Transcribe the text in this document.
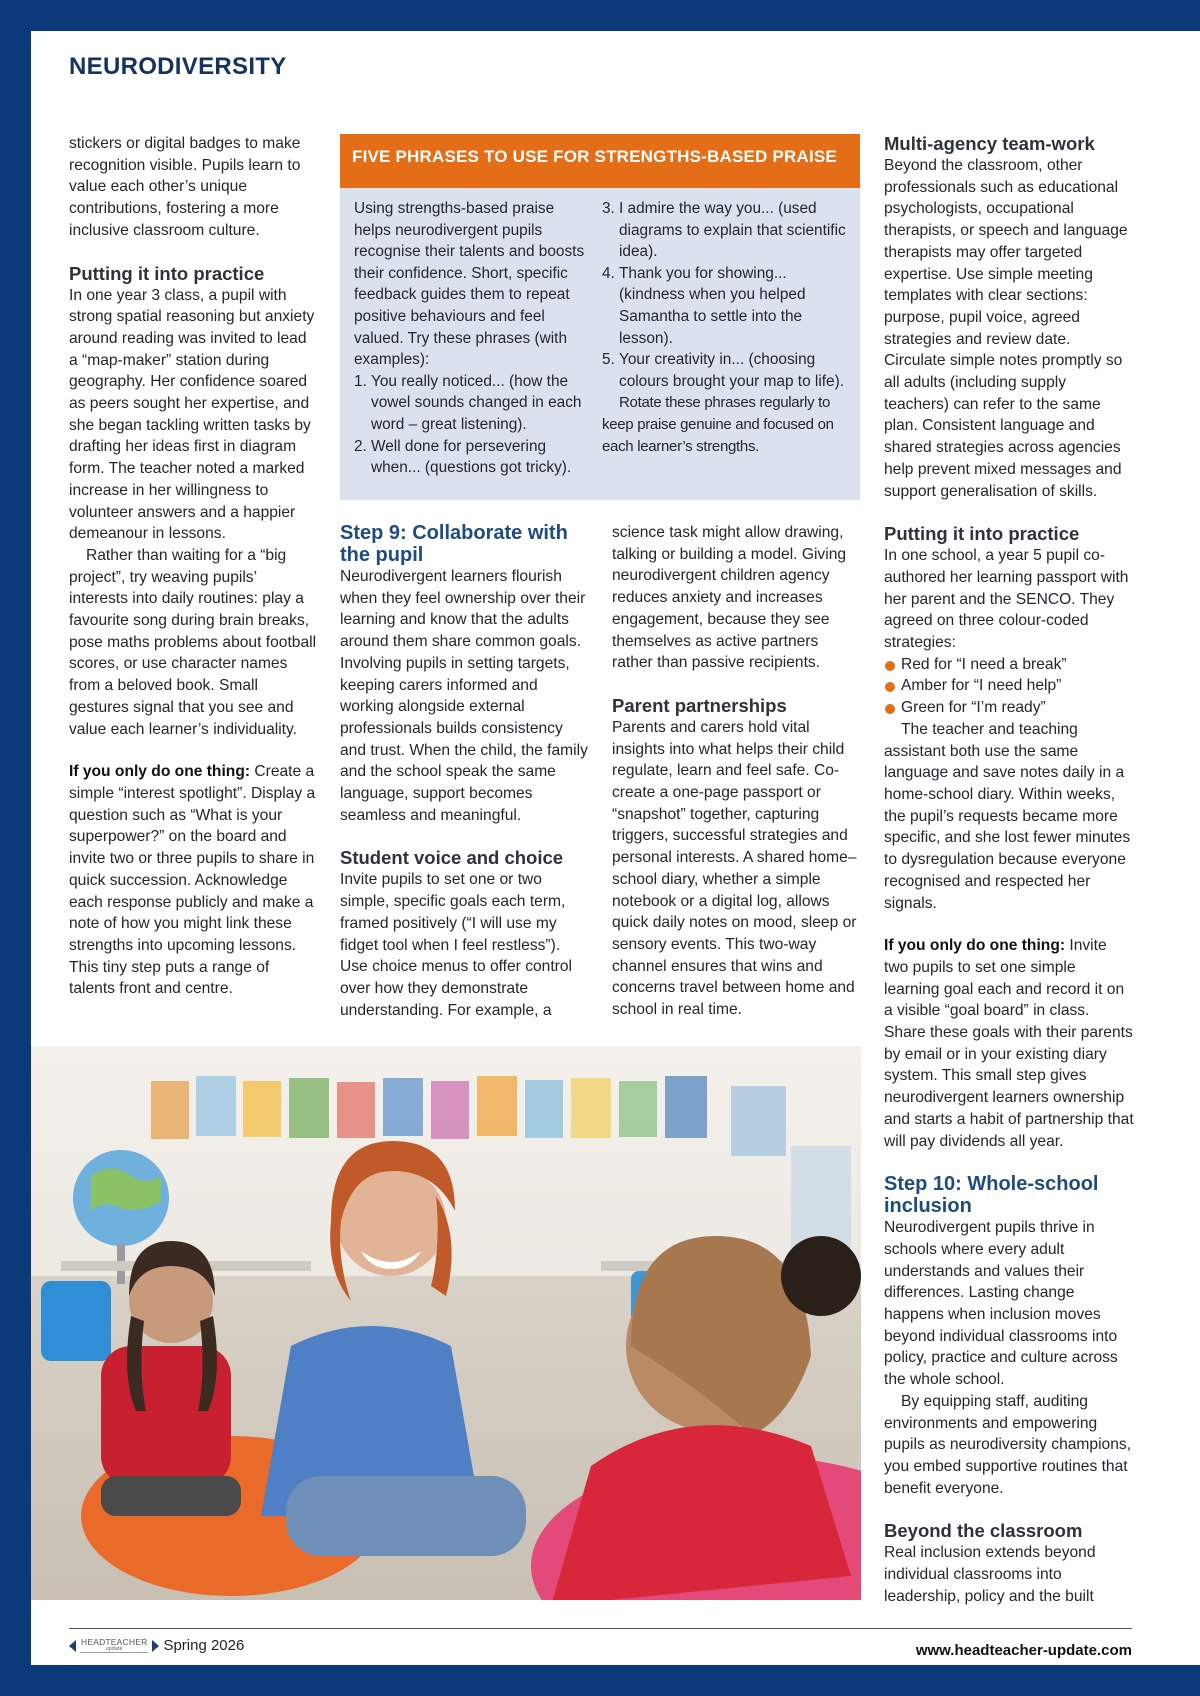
NEURODIVERSITY

stickers or digital badges to make recognition visible. Pupils learn to value each other’s unique contributions, fostering a more inclusive classroom culture.

Putting it into practice

In one year 3 class, a pupil with strong spatial reasoning but anxiety around reading was invited to lead a “map-maker” station during geography. Her confidence soared as peers sought her expertise, and she began tackling written tasks by drafting her ideas first in diagram form. The teacher noted a marked increase in her willingness to volunteer answers and a happier demeanour in lessons.

Rather than waiting for a “big project”, try weaving pupils’ interests into daily routines: play a favourite song during brain breaks, pose maths problems about football scores, or use character names from a beloved book. Small gestures signal that you see and value each learner’s individuality.

If you only do one thing: Create a simple “interest spotlight”. Display a question such as “What is your superpower?” on the board and invite two or three pupils to share in quick succession. Acknowledge each response publicly and make a note of how you might link these strengths into upcoming lessons. This tiny step puts a range of talents front and centre.

FIVE PHRASES TO USE FOR STRENGTHS-BASED PRAISE

Using strengths-based praise helps neurodivergent pupils recognise their talents and boosts their confidence. Short, specific feedback guides them to repeat positive behaviours and feel valued. Try these phrases (with examples):

1. You really noticed... (how the vowel sounds changed in each word – great listening).
2. Well done for persevering when... (questions got tricky).
3. I admire the way you... (used diagrams to explain that scientific idea).
4. Thank you for showing... (kindness when you helped Samantha to settle into the lesson).
5. Your creativity in... (choosing colours brought your map to life).

Rotate these phrases regularly to keep praise genuine and focused on each learner’s strengths.

Step 9: Collaborate with the pupil

Neurodivergent learners flourish when they feel ownership over their learning and know that the adults around them share common goals. Involving pupils in setting targets, keeping carers informed and working alongside external professionals builds consistency and trust. When the child, the family and the school speak the same language, support becomes seamless and meaningful.

Student voice and choice

Invite pupils to set one or two simple, specific goals each term, framed positively (“I will use my fidget tool when I feel restless”). Use choice menus to offer control over how they demonstrate understanding. For example, a

science task might allow drawing, talking or building a model. Giving neurodivergent children agency reduces anxiety and increases engagement, because they see themselves as active partners rather than passive recipients.

Parent partnerships

Parents and carers hold vital insights into what helps their child regulate, learn and feel safe. Co-create a one-page passport or “snapshot” together, capturing triggers, successful strategies and personal interests. A shared home–school diary, whether a simple notebook or a digital log, allows quick daily notes on mood, sleep or sensory events. This two-way channel ensures that wins and concerns travel between home and school in real time.

Multi-agency team-work

Beyond the classroom, other professionals such as educational psychologists, occupational therapists, or speech and language therapists may offer targeted expertise. Use simple meeting templates with clear sections: purpose, pupil voice, agreed strategies and review date. Circulate simple notes promptly so all adults (including supply teachers) can refer to the same plan. Consistent language and shared strategies across agencies help prevent mixed messages and support generalisation of skills.

Putting it into practice

In one school, a year 5 pupil co-authored her learning passport with her parent and the SENCO. They agreed on three colour-coded strategies:

Red for “I need a break”
Amber for “I need help”
Green for “I’m ready”

The teacher and teaching assistant both use the same language and save notes daily in a home-school diary. Within weeks, the pupil’s requests became more specific, and she lost fewer minutes to dysregulation because everyone recognised and respected her signals.

If you only do one thing: Invite two pupils to set one simple learning goal each and record it on a visible “goal board” in class. Share these goals with their parents by email or in your existing diary system. This small step gives neurodivergent learners ownership and starts a habit of partnership that will pay dividends all year.

Step 10: Whole-school inclusion

Neurodivergent pupils thrive in schools where every adult understands and values their differences. Lasting change happens when inclusion moves beyond individual classrooms into policy, practice and culture across the whole school.

By equipping staff, auditing environments and empowering pupils as neurodiversity champions, you embed supportive routines that benefit everyone.

Beyond the classroom

Real inclusion extends beyond individual classrooms into leadership, policy and the built

HEADTEACHER
update	Spring 2026	www.headteacher-update.com
